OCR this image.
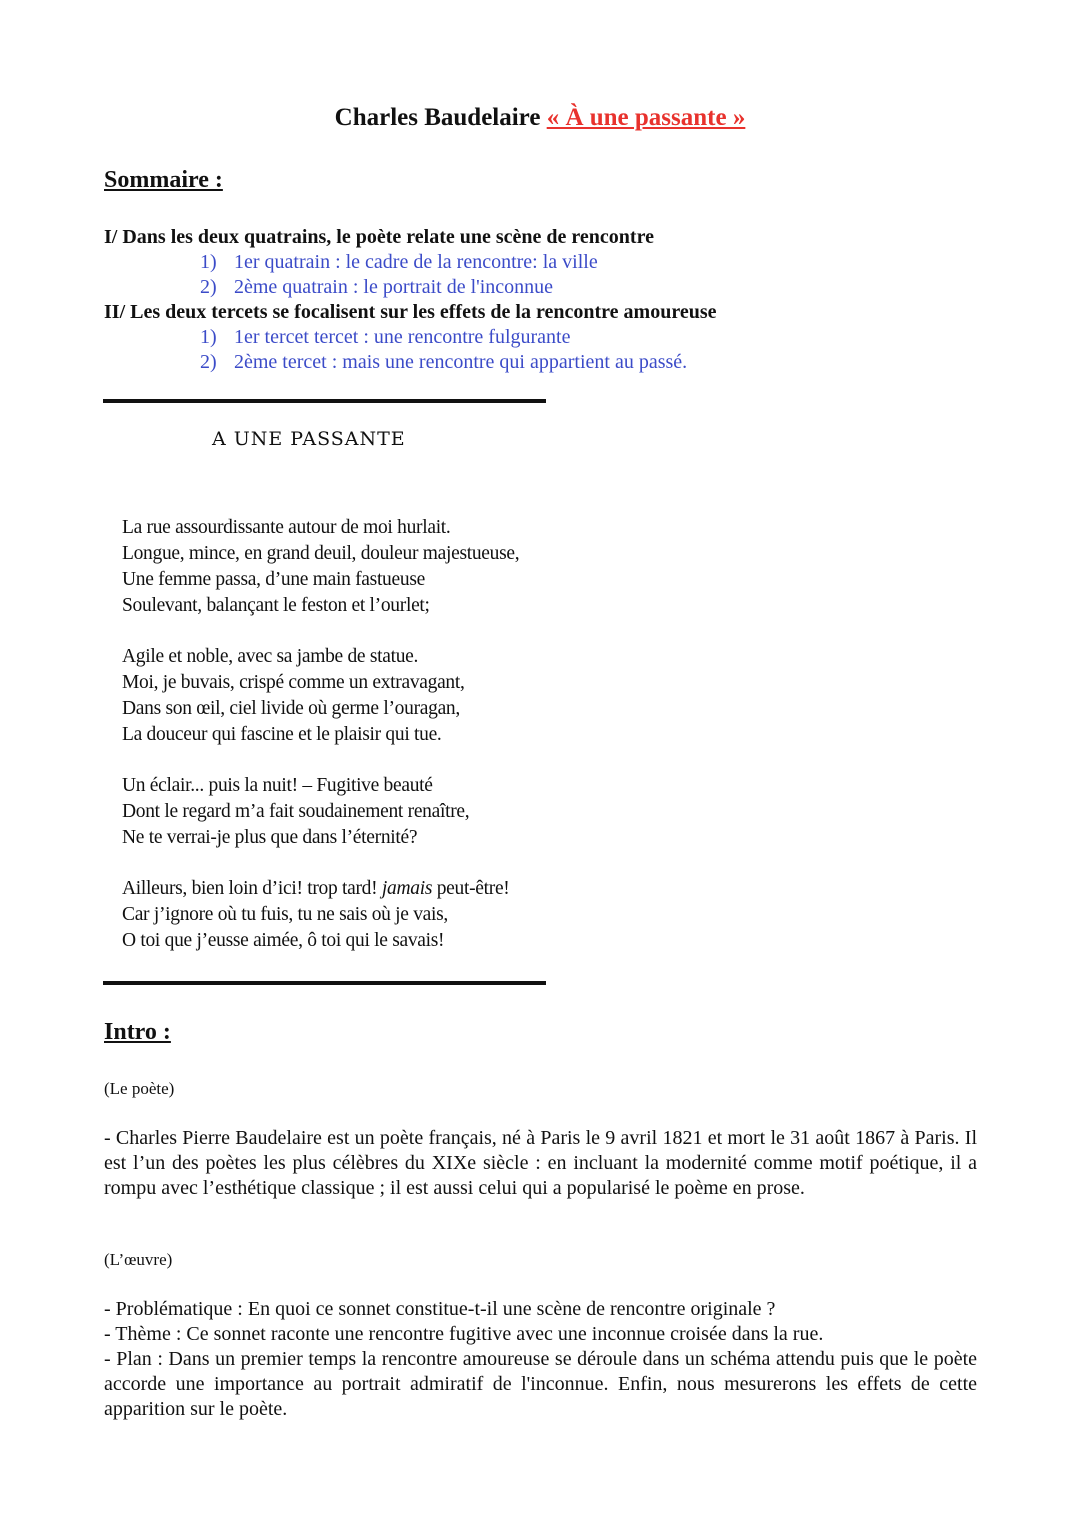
Charles Baudelaire « À une passante »
Sommaire :
I/ Dans les deux quatrains, le poète relate une scène de rencontre
1) 1er quatrain : le cadre de la rencontre: la ville
2) 2ème quatrain : le portrait de l'inconnue
II/ Les deux tercets se focalisent sur les effets de la rencontre amoureuse
1) 1er tercet tercet : une rencontre fulgurante
2) 2ème tercet : mais une rencontre qui appartient au passé.
A UNE PASSANTE
La rue assourdissante autour de moi hurlait.
Longue, mince, en grand deuil, douleur majestueuse,
Une femme passa, d’une main fastueuse
Soulevant, balançant le feston et l’ourlet;
Agile et noble, avec sa jambe de statue.
Moi, je buvais, crispé comme un extravagant,
Dans son œil, ciel livide où germe l’ouragan,
La douceur qui fascine et le plaisir qui tue.
Un éclair... puis la nuit! – Fugitive beauté
Dont le regard m’a fait soudainement renaître,
Ne te verrai-je plus que dans l’éternité?
Ailleurs, bien loin d’ici! trop tard! jamais peut-être!
Car j’ignore où tu fuis, tu ne sais où je vais,
O toi que j’eusse aimée, ô toi qui le savais!
Intro :
(Le poète)

- Charles Pierre Baudelaire est un poète français, né à Paris le 9 avril 1821 et mort le 31 août 1867 à Paris. Il est l’un des poètes les plus célèbres du XIXe siècle : en incluant la modernité comme motif poétique, il a rompu avec l’esthétique classique ; il est aussi celui qui a popularisé le poème en prose.

(L’œuvre)

- Problématique : En quoi ce sonnet constitue-t-il une scène de rencontre originale ?

- Thème : Ce sonnet raconte une rencontre fugitive avec une inconnue croisée dans la rue.

- Plan : Dans un premier temps la rencontre amoureuse se déroule dans un schéma attendu puis que le poète accorde une importance au portrait admiratif de l'inconnue. Enfin, nous mesurerons les effets de cette apparition sur le poète.
